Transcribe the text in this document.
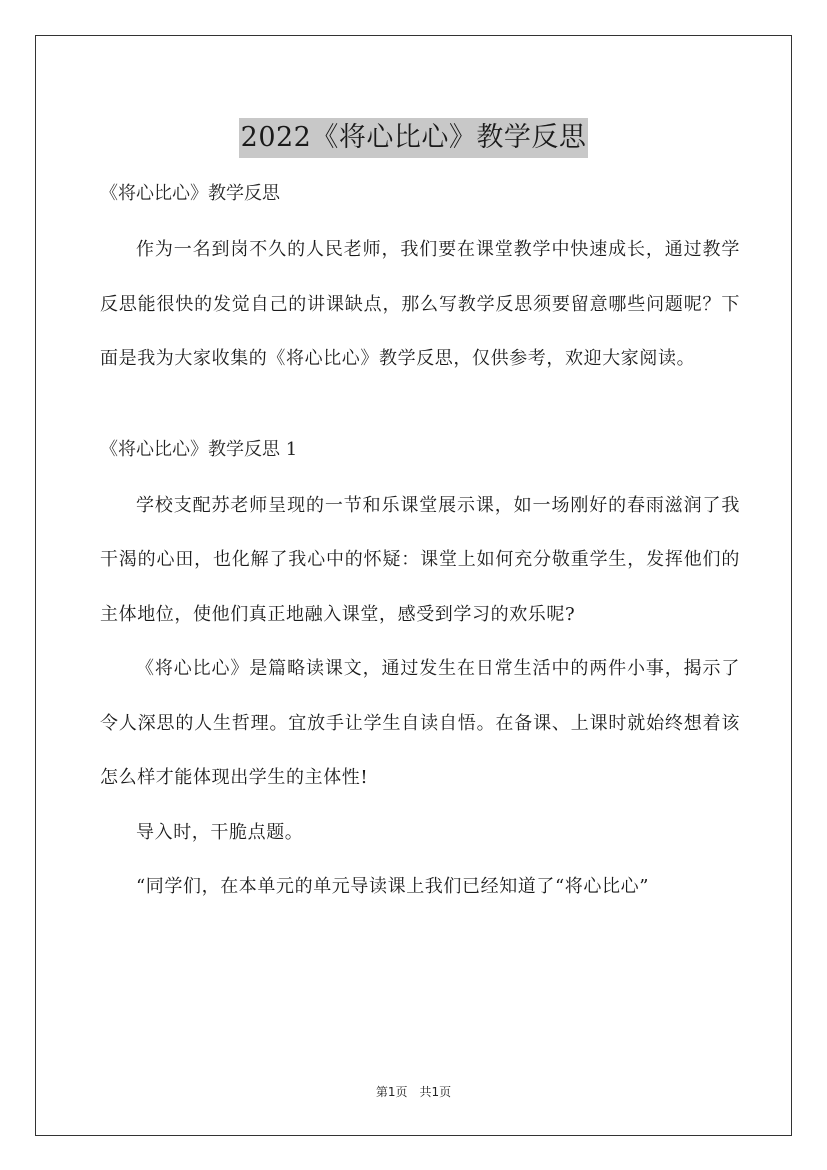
2022《将心比心》教学反思

《将心比心》教学反思

作为一名到岗不久的人民老师，我们要在课堂教学中快速成长，通过教学反思能很快的发觉自己的讲课缺点，那么写教学反思须要留意哪些问题呢？下面是我为大家收集的《将心比心》教学反思，仅供参考，欢迎大家阅读。

《将心比心》教学反思 1

学校支配苏老师呈现的一节和乐课堂展示课，如一场刚好的春雨滋润了我干渴的心田，也化解了我心中的怀疑：课堂上如何充分敬重学生，发挥他们的主体地位，使他们真正地融入课堂，感受到学习的欢乐呢?

《将心比心》是篇略读课文，通过发生在日常生活中的两件小事，揭示了令人深思的人生哲理。宜放手让学生自读自悟。在备课、上课时就始终想着该怎么样才能体现出学生的主体性!

导入时，干脆点题。

“同学们，在本单元的单元导读课上我们已经知道了“将心比心”

第1页　共1页
